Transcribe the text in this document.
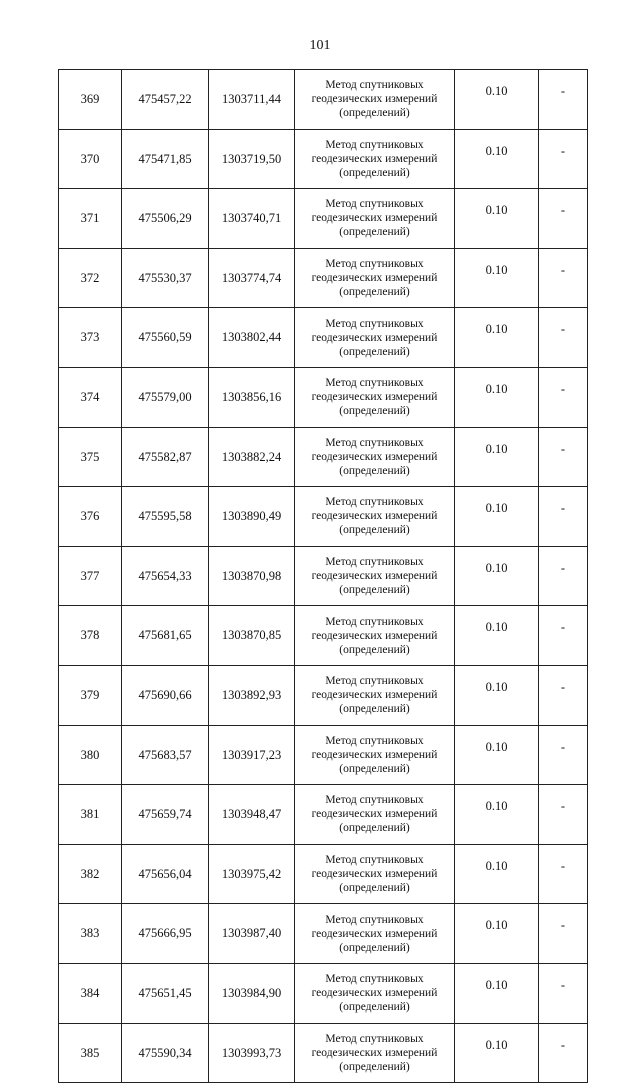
101
369	475457,22	1303711,44	Метод спутниковых
геодезических измерений
(определений)	0.10	-
370	475471,85	1303719,50	Метод спутниковых
геодезических измерений
(определений)	0.10	-
371	475506,29	1303740,71	Метод спутниковых
геодезических измерений
(определений)	0.10	-
372	475530,37	1303774,74	Метод спутниковых
геодезических измерений
(определений)	0.10	-
373	475560,59	1303802,44	Метод спутниковых
геодезических измерений
(определений)	0.10	-
374	475579,00	1303856,16	Метод спутниковых
геодезических измерений
(определений)	0.10	-
375	475582,87	1303882,24	Метод спутниковых
геодезических измерений
(определений)	0.10	-
376	475595,58	1303890,49	Метод спутниковых
геодезических измерений
(определений)	0.10	-
377	475654,33	1303870,98	Метод спутниковых
геодезических измерений
(определений)	0.10	-
378	475681,65	1303870,85	Метод спутниковых
геодезических измерений
(определений)	0.10	-
379	475690,66	1303892,93	Метод спутниковых
геодезических измерений
(определений)	0.10	-
380	475683,57	1303917,23	Метод спутниковых
геодезических измерений
(определений)	0.10	-
381	475659,74	1303948,47	Метод спутниковых
геодезических измерений
(определений)	0.10	-
382	475656,04	1303975,42	Метод спутниковых
геодезических измерений
(определений)	0.10	-
383	475666,95	1303987,40	Метод спутниковых
геодезических измерений
(определений)	0.10	-
384	475651,45	1303984,90	Метод спутниковых
геодезических измерений
(определений)	0.10	-
385	475590,34	1303993,73	Метод спутниковых
геодезических измерений
(определений)	0.10	-
